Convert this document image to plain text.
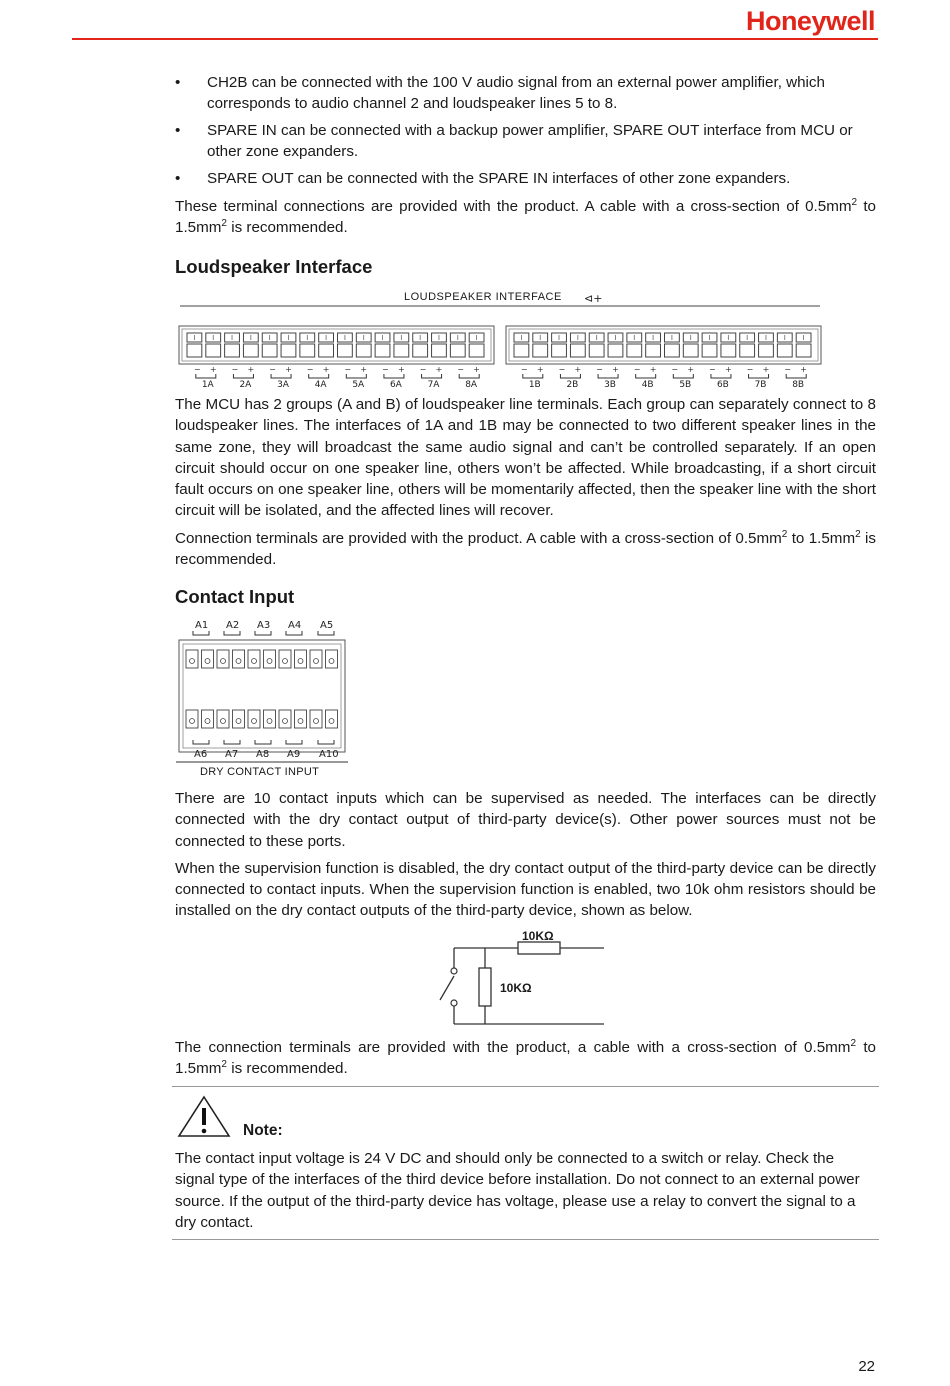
Honeywell
• CH2B can be connected with the 100 V audio signal from an external power amplifier, which corresponds to audio channel 2 and loudspeaker lines 5 to 8.
• SPARE IN can be connected with a backup power amplifier, SPARE OUT interface from MCU or other zone expanders.
• SPARE OUT can be connected with the SPARE IN interfaces of other zone expanders.

These terminal connections are provided with the product. A cable with a cross-section of $0.5mm^2$ to $1.5mm^2$ is recommended.

Loudspeaker Interface
LOUDSPEAKER INTERFACE ⊲+
− +
1A
− +
2A
− +
3A
− +
4A
− +
5A
− +
6A
− +
7A
− +
8A
− +
1B
− +
2B
− +
3B
− +
4B
− +
5B
− +
6B
− +
7B
− +
8B

The MCU has 2 groups (A and B) of loudspeaker line terminals. Each group can separately connect to 8 loudspeaker lines. The interfaces of 1A and 1B may be connected to two different speaker lines in the same zone, they will broadcast the same audio signal and can’t be controlled separately. If an open circuit should occur on one speaker line, others won’t be affected. While broadcasting, if a short circuit fault occurs on one speaker line, others will be momentarily affected, then the speaker line with the short circuit will be isolated, and the affected lines will recover.

Connection terminals are provided with the product. A cable with a cross-section of $0.5mm^2$ to $1.5mm^2$ is recommended.

Contact Input
A1 A2 A3 A4 A5
A6 A7 A8 A9 A10
DRY CONTACT INPUT

There are 10 contact inputs which can be supervised as needed. The interfaces can be directly connected with the dry contact output of third-party device(s). Other power sources must not be connected to these ports.

When the supervision function is disabled, the dry contact output of the third-party device can be directly connected to contact inputs. When the supervision function is enabled, two 10k ohm resistors should be installed on the dry contact outputs of the third-party device, shown as below.

10KΩ
10KΩ

The connection terminals are provided with the product, a cable with a cross-section of $0.5mm^2$ to $1.5mm^2$ is recommended.

Note:

The contact input voltage is 24 V DC and should only be connected to a switch or relay. Check the signal type of the interfaces of the third device before installation. Do not connect to an external power source. If the output of the third-party device has voltage, please use a relay to convert the signal to a dry contact.

22
